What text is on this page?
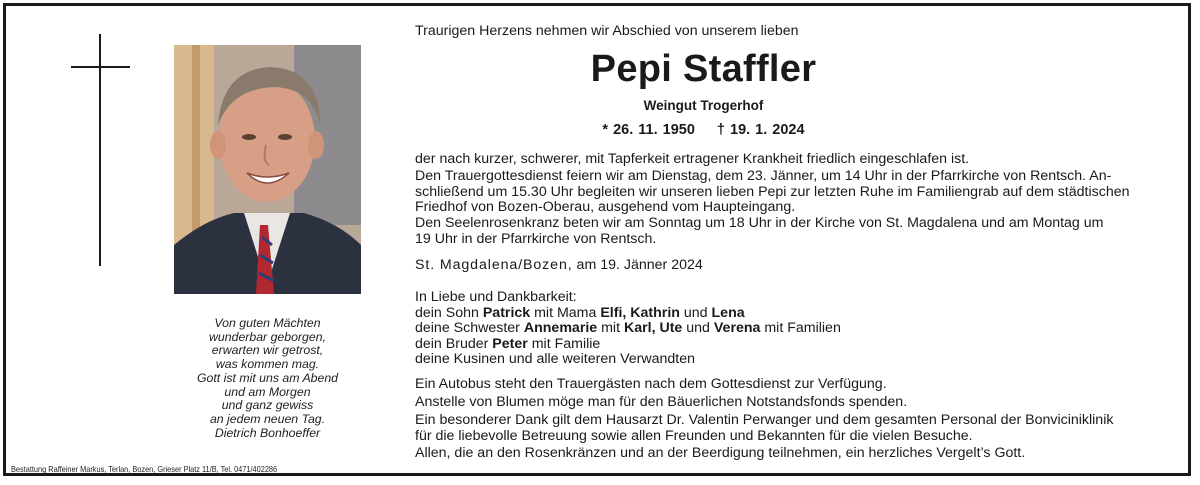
Von guten Mächten
wunderbar geborgen,
erwarten wir getrost,
was kommen mag.
Gott ist mit uns am Abend
und am Morgen
und ganz gewiss
an jedem neuen Tag.
Dietrich Bonhoeffer
Bestattung Raffeiner Markus, Terlan, Bozen, Grieser Platz 11/B, Tel. 0471/402286
Traurigen Herzens nehmen wir Abschied von unserem lieben
Pepi Staffler
Weingut Trogerhof
* 26. 11. 1950 † 19. 1. 2024
der nach kurzer, schwerer, mit Tapferkeit ertragener Krankheit friedlich eingeschlafen ist.
Den Trauergottesdienst feiern wir am Dienstag, dem 23. Jänner, um 14 Uhr in der Pfarrkirche von Rentsch. An-
schließend um 15.30 Uhr begleiten wir unseren lieben Pepi zur letzten Ruhe im Familiengrab auf dem städtischen
Friedhof von Bozen-Oberau, ausgehend vom Hauptеingang.
Den Seelenrosenkranz beten wir am Sonntag um 18 Uhr in der Kirche von St. Magdalena und am Montag um
19 Uhr in der Pfarrkirche von Rentsch.
St. Magdalena/Bozen, am 19. Jänner 2024
In Liebe und Dankbarkeit:
dein Sohn Patrick mit Mama Elfi, Kathrin und Lena
deine Schwester Annemarie mit Karl, Ute und Verena mit Familien
dein Bruder Peter mit Familie
deine Kusinen und alle weiteren Verwandten
Ein Autobus steht den Trauergästen nach dem Gottesdienst zur Verfügung.
Anstelle von Blumen möge man für den Bäuerlichen Notstandsfonds spenden.
Ein besonderer Dank gilt dem Hausarzt Dr. Valentin Perwanger und dem gesamten Personal der Bonviciniklinik
für die liebevolle Betreuung sowie allen Freunden und Bekannten für die vielen Besuche.
Allen, die an den Rosenkränzen und an der Beerdigung teilnehmen, ein herzliches Vergelt’s Gott.
